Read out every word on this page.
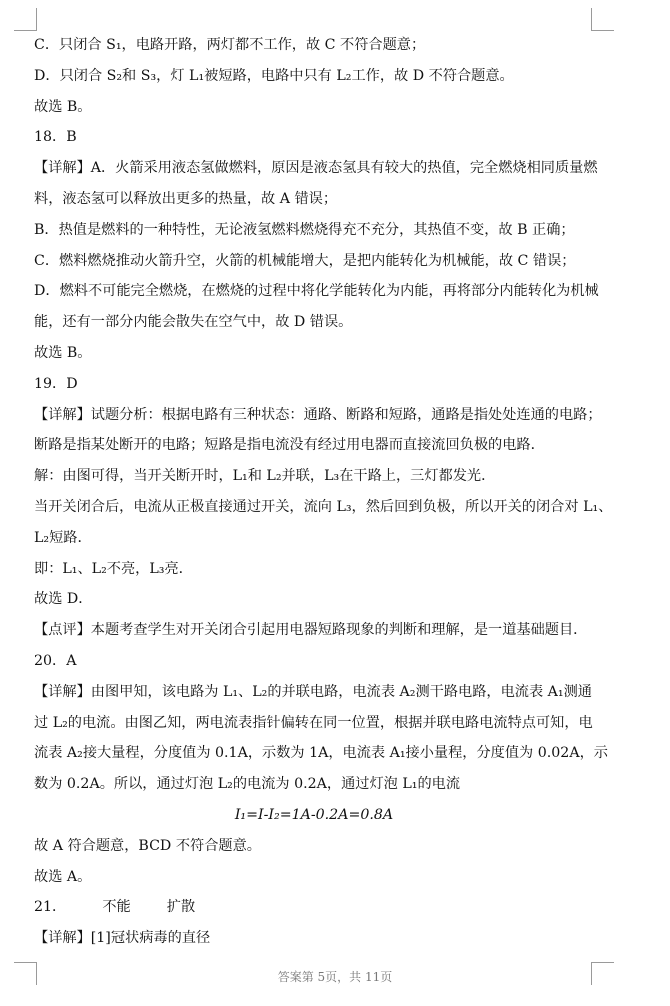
C．只闭合 S₁，电路开路，两灯都不工作，故 C 不符合题意；
D．只闭合 S₂和 S₃，灯 L₁被短路，电路中只有 L₂工作，故 D 不符合题意。
故选 B。
18．B
【详解】A．火箭采用液态氢做燃料，原因是液态氢具有较大的热值，完全燃烧相同质量燃
料，液态氢可以释放出更多的热量，故 A 错误；
B．热值是燃料的一种特性，无论液氢燃料燃烧得充不充分，其热值不变，故 B 正确；
C．燃料燃烧推动火箭升空，火箭的机械能增大，是把内能转化为机械能，故 C 错误；
D．燃料不可能完全燃烧，在燃烧的过程中将化学能转化为内能，再将部分内能转化为机械
能，还有一部分内能会散失在空气中，故 D 错误。
故选 B。
19．D
【详解】试题分析：根据电路有三种状态：通路、断路和短路，通路是指处处连通的电路；
断路是指某处断开的电路；短路是指电流没有经过用电器而直接流回负极的电路．
解：由图可得，当开关断开时，L₁和 L₂并联，L₃在干路上，三灯都发光．
当开关闭合后，电流从正极直接通过开关，流向 L₃，然后回到负极，所以开关的闭合对 L₁、
L₂短路．
即：L₁、L₂不亮，L₃亮．
故选 D．
【点评】本题考查学生对开关闭合引起用电器短路现象的判断和理解，是一道基础题目．
20．A
【详解】由图甲知，该电路为 L₁、L₂的并联电路，电流表 A₂测干路电路，电流表 A₁测通
过 L₂的电流。由图乙知，两电流表指针偏转在同一位置，根据并联电路电流特点可知，电
流表 A₂接大量程，分度值为 0.1A，示数为 1A，电流表 A₁接小量程，分度值为 0.02A，示
数为 0.2A。所以，通过灯泡 L₂的电流为 0.2A，通过灯泡 L₁的电流
I₁=I-I₂=1A-0.2A=0.8A
故 A 符合题意，BCD 不符合题意。
故选 A。
21．        不能        扩散
【详解】[1]冠状病毒的直径
答案第 5页，共 11页
